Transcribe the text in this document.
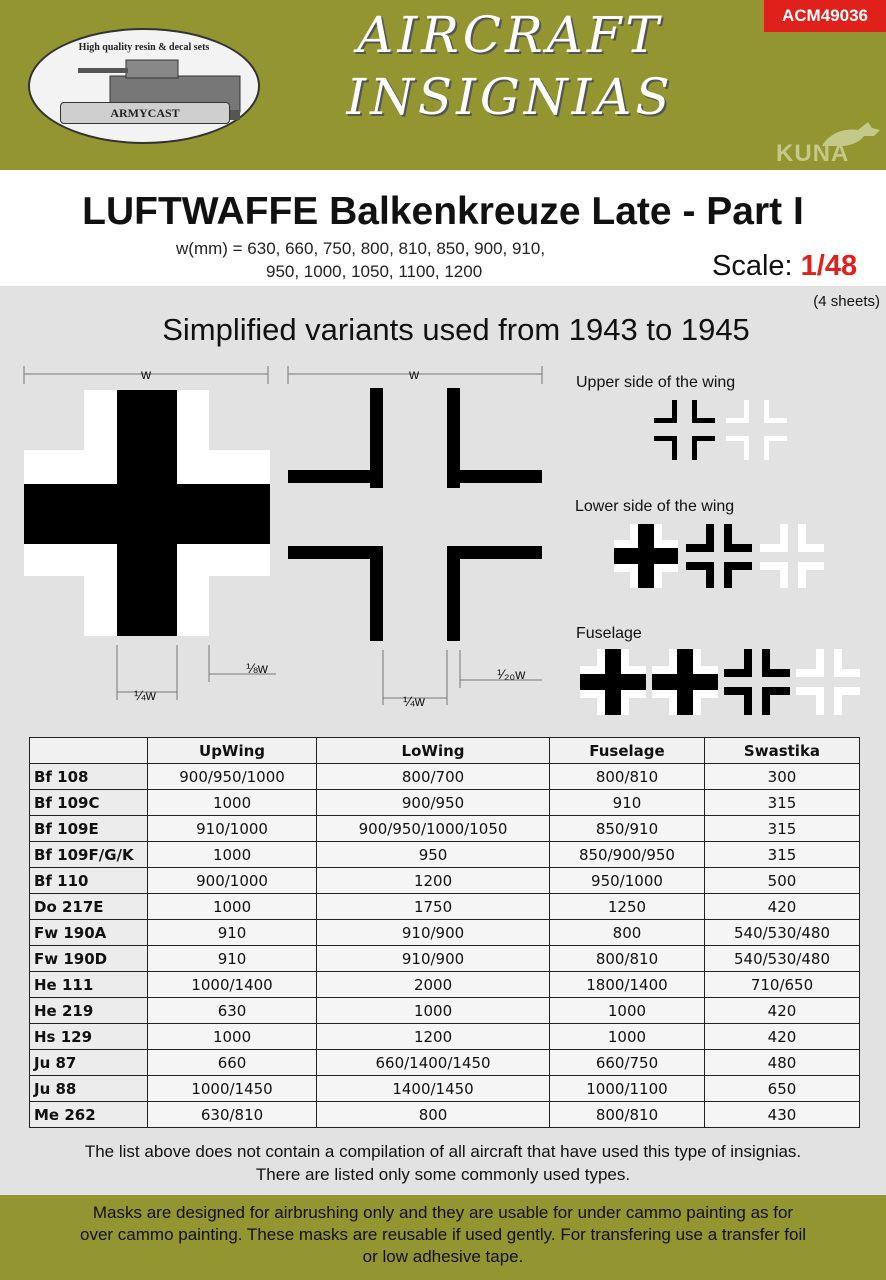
High quality resin & decal sets
ARMYCAST
AIRCRAFT
INSIGNIAS
ACM49036
KUNA
LUFTWAFFE Balkenkreuze Late - Part I
w(mm) = 630, 660, 750, 800, 810, 850, 900, 910,
950, 1000, 1050, 1100, 1200	Scale: 1/48
(4 sheets)
Simplified variants used from 1943 to 1945
w
⅛w
¼w
w
¹⁄₂₀w
¼w
Upper side of the wing
Lower side of the wing
Fuselage
	UpWing	LoWing	Fuselage	Swastika
Bf 108	900/950/1000	800/700	800/810	300
Bf 109C	1000	900/950	910	315
Bf 109E	910/1000	900/950/1000/1050	850/910	315
Bf 109F/G/K	1000	950	850/900/950	315
Bf 110	900/1000	1200	950/1000	500
Do 217E	1000	1750	1250	420
Fw 190A	910	910/900	800	540/530/480
Fw 190D	910	910/900	800/810	540/530/480
He 111	1000/1400	2000	1800/1400	710/650
He 219	630	1000	1000	420
Hs 129	1000	1200	1000	420
Ju 87	660	660/1400/1450	660/750	480
Ju 88	1000/1450	1400/1450	1000/1100	650
Me 262	630/810	800	800/810	430
The list above does not contain a compilation of all aircraft that have used this type of insignias.
There are listed only some commonly used types.
Masks are designed for airbrushing only and they are usable for under cammo painting as for
over cammo painting. These masks are reusable if used gently. For transfering use a transfer foil
or low adhesive tape.
